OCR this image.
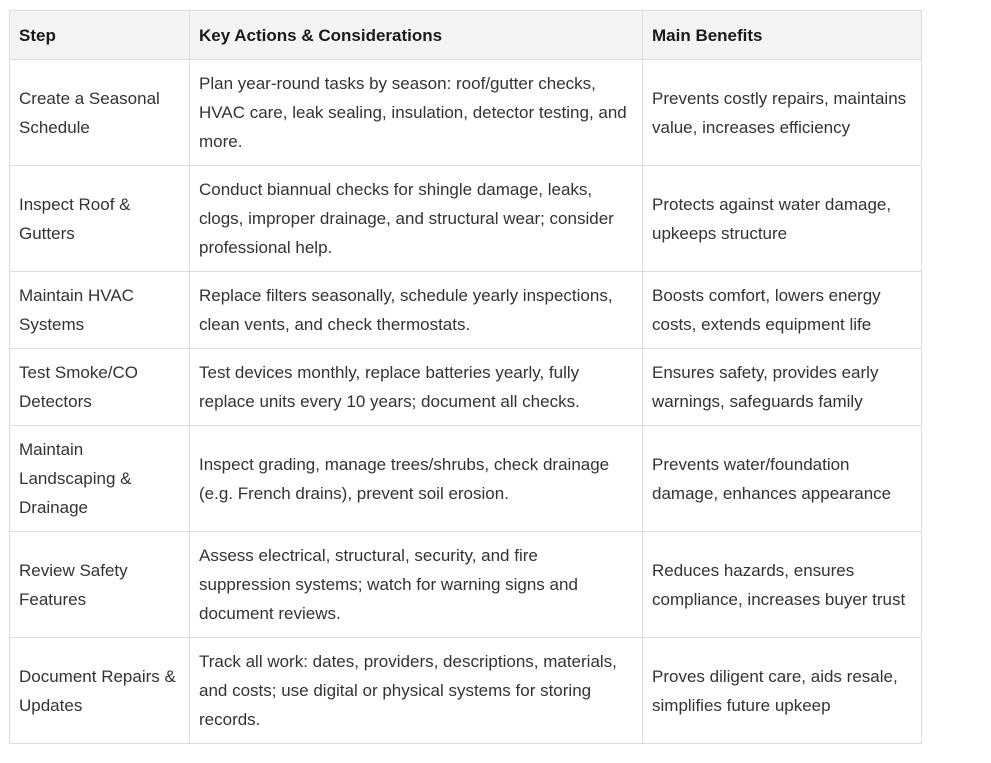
Step	Key Actions & Considerations	Main Benefits
Create a Seasonal Schedule	Plan year-round tasks by season: roof/gutter checks, HVAC care, leak sealing, insulation, detector testing, and more.	Prevents costly repairs, maintains value, increases efficiency
Inspect Roof & Gutters	Conduct biannual checks for shingle damage, leaks, clogs, improper drainage, and structural wear; consider professional help.	Protects against water damage, upkeeps structure
Maintain HVAC Systems	Replace filters seasonally, schedule yearly inspections, clean vents, and check thermostats.	Boosts comfort, lowers energy costs, extends equipment life
Test Smoke/CO Detectors	Test devices monthly, replace batteries yearly, fully replace units every 10 years; document all checks.	Ensures safety, provides early warnings, safeguards family
Maintain Landscaping & Drainage	Inspect grading, manage trees/shrubs, check drainage (e.g. French drains), prevent soil erosion.	Prevents water/foundation damage, enhances appearance
Review Safety Features	Assess electrical, structural, security, and fire suppression systems; watch for warning signs and document reviews.	Reduces hazards, ensures compliance, increases buyer trust
Document Repairs & Updates	Track all work: dates, providers, descriptions, materials, and costs; use digital or physical systems for storing records.	Proves diligent care, aids resale, simplifies future upkeep
